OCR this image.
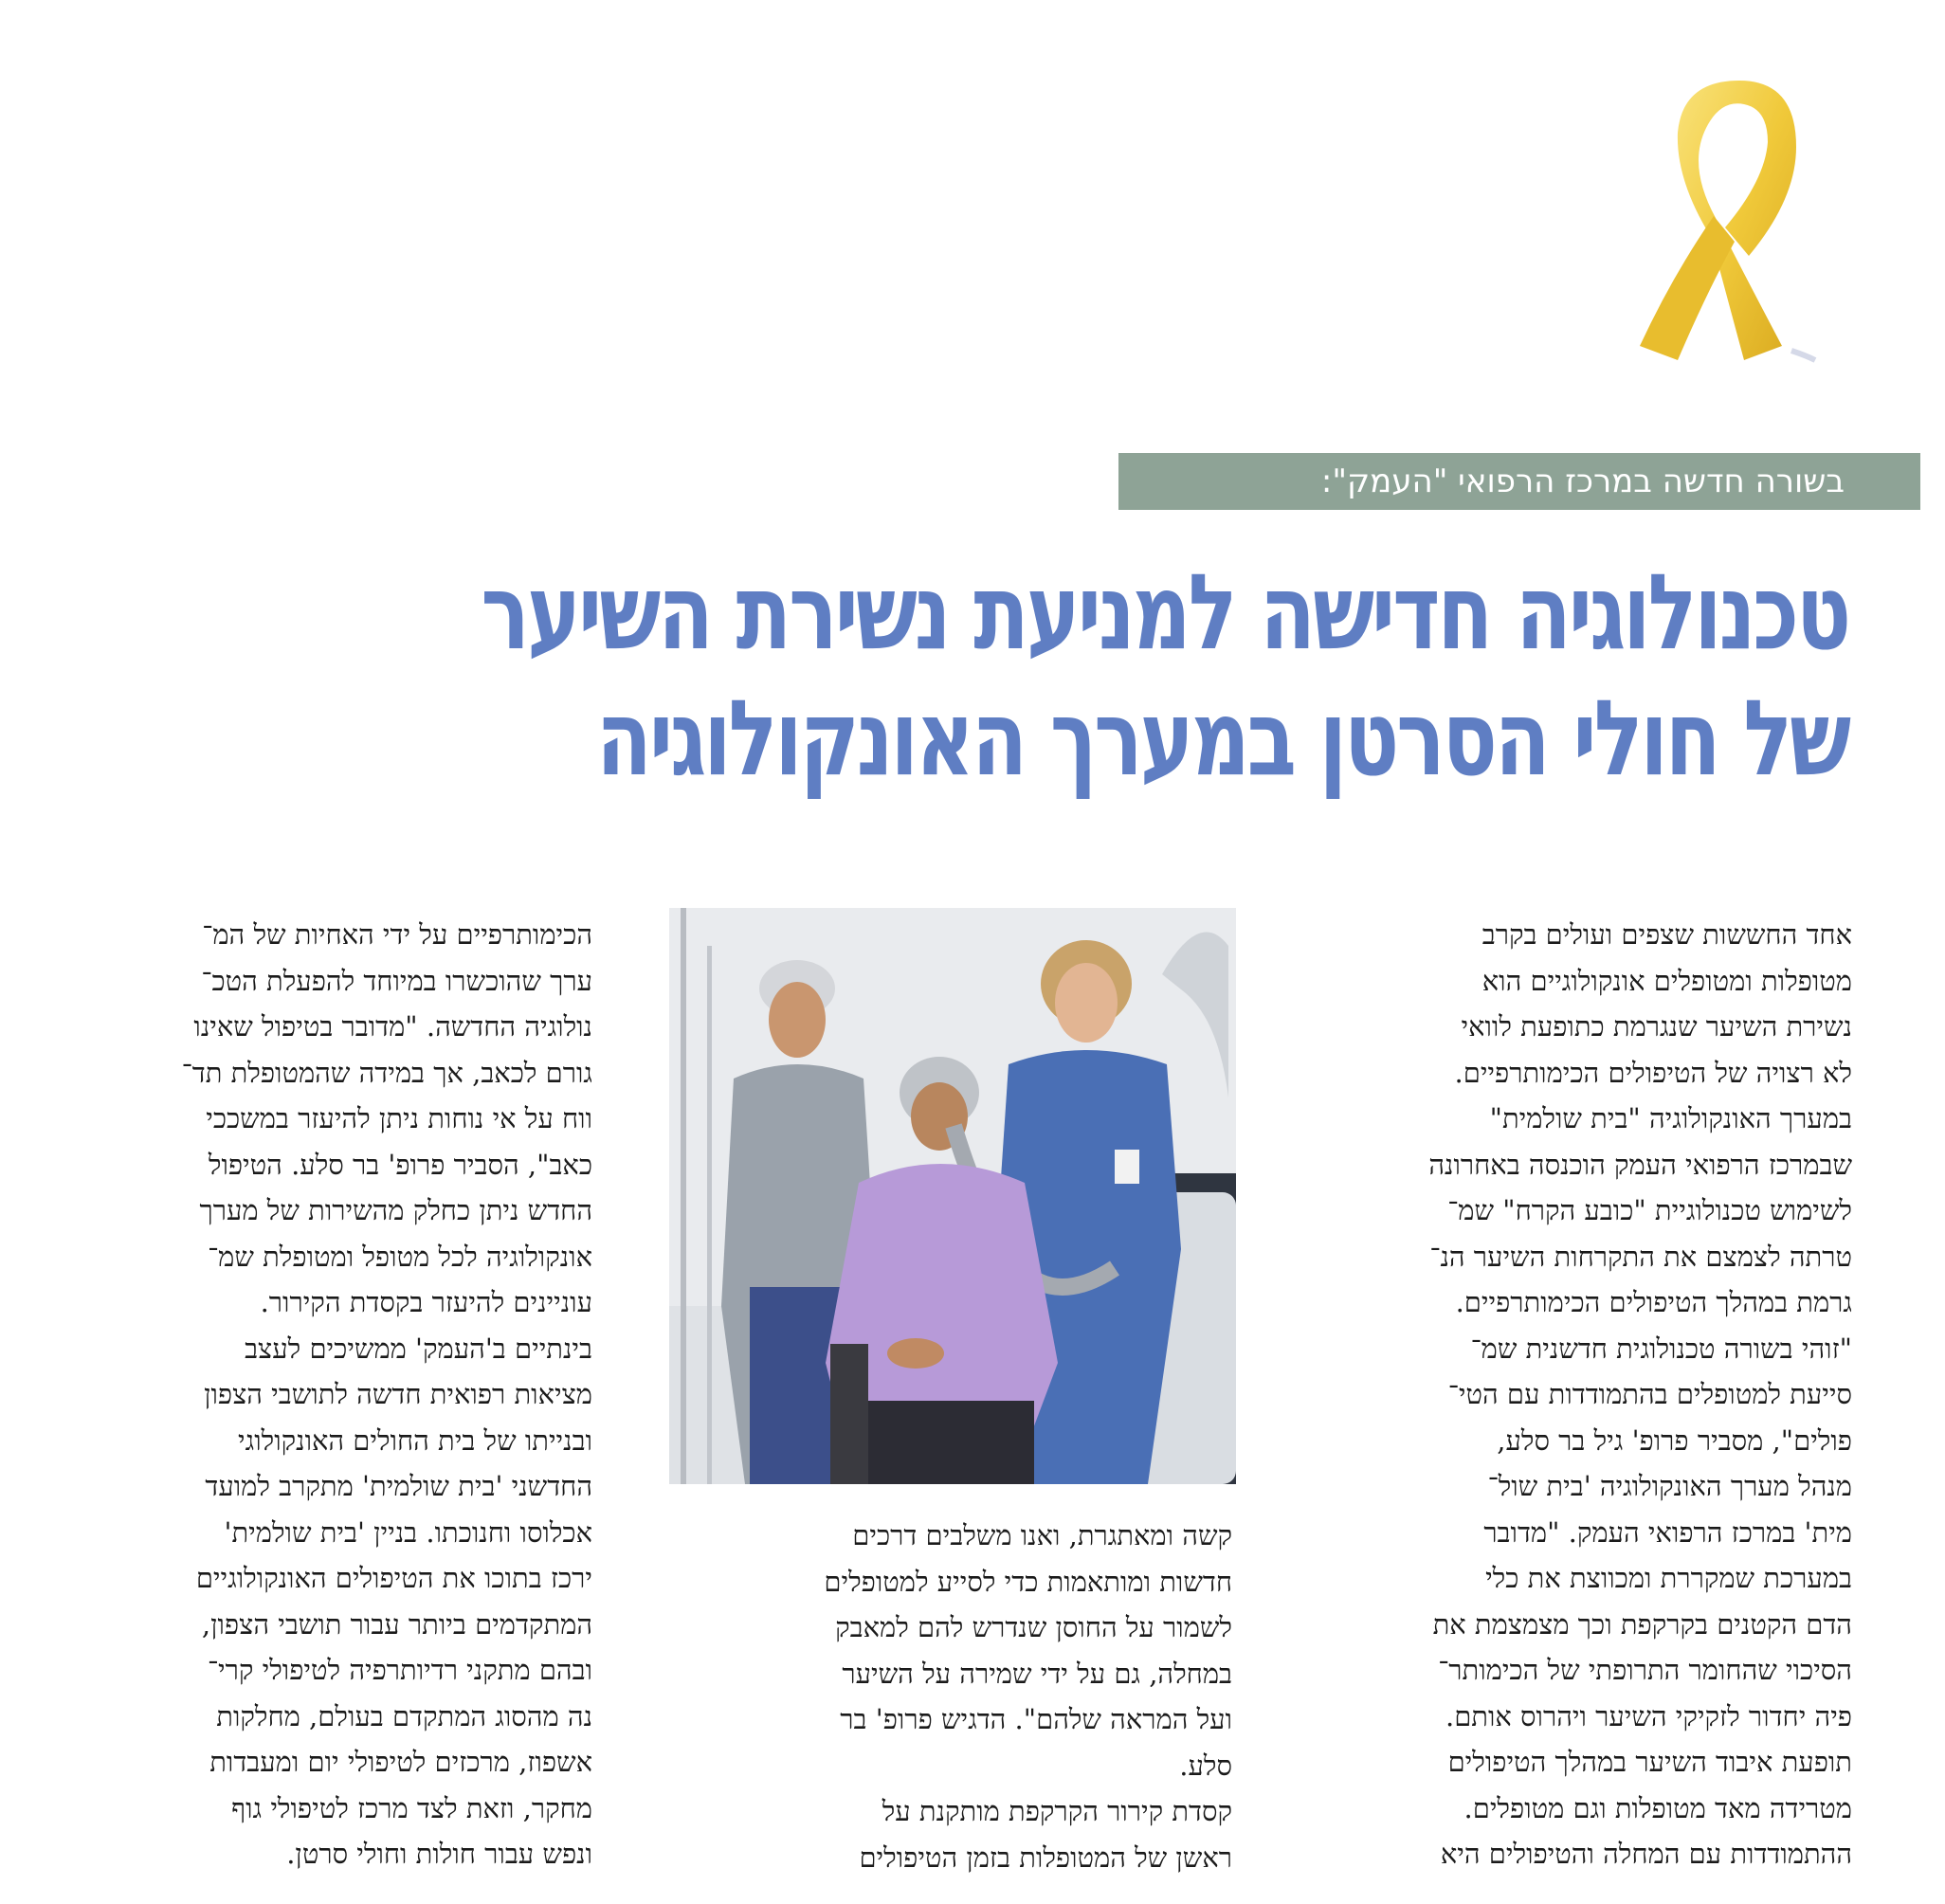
בשורה חדשה במרכז הרפואי "העמק":
טכנולוגיה חדישה למניעת נשירת השיער
של חולי הסרטן במערך האונקולוגיה

אחד החששות שצפים ועולים בקרב

מטופלות ומטופלים אונקולוגיים הוא

נשירת השיער שנגרמת כתופעת לוואי

לא רצויה של הטיפולים הכימותרפיים.

במערך האונקולוגיה "בית שולמית"

שבמרכז הרפואי העמק הוכנסה באחרונה

לשימוש טכנולוגיית "כובע הקרח" שמ־

טרתה לצמצם את התקרחות השיער הנ־

גרמת במהלך הטיפולים הכימותרפיים.

"זוהי בשורה טכנולוגית חדשנית שמ־

סייעת למטופלים בהתמודדות עם הטי־

פולים", מסביר פרופ' גיל בר סלע,

מנהל מערך האונקולוגיה 'בית שול־

מית' במרכז הרפואי העמק. "מדובר

במערכת שמקררת ומכווצת את כלי

הדם הקטנים בקרקפת וכך מצמצמת את

הסיכוי שהחומר התרופתי של הכימותר־

פיה יחדור לזקיקי השיער ויהרוס אותם.

תופעת איבוד השיער במהלך הטיפולים

מטרידה מאד מטופלות וגם מטופלים.

ההתמודדות עם המחלה והטיפולים היא

קשה ומאתגרת, ואנו משלבים דרכים

חדשות ומותאמות כדי לסייע למטופלים

לשמור על החוסן שנדרש להם למאבק

במחלה, גם על ידי שמירה על השיער

ועל המראה שלהם". הדגיש פרופ' בר

סלע.

קסדת קירור הקרקפת מותקנת על

ראשן של המטופלות בזמן הטיפולים

הכימותרפיים על ידי האחיות של המ־

ערך שהוכשרו במיוחד להפעלת הטכ־

נולוגיה החדשה. "מדובר בטיפול שאינו

גורם לכאב, אך במידה שהמטופלת תד־

ווח על אי נוחות ניתן להיעזר במשככי

כאב", הסביר פרופ' בר סלע. הטיפול

החדש ניתן כחלק מהשירות של מערך

אונקולוגיה לכל מטופל ומטופלת שמ־

עוניינים להיעזר בקסדת הקירור.

בינתיים ב'העמק' ממשיכים לעצב

מציאות רפואית חדשה לתושבי הצפון

ובנייתו של בית החולים האונקולוגי

החדשני 'בית שולמית' מתקרב למועד

אכלוסו וחנוכתו. בניין 'בית שולמית'

ירכז בתוכו את הטיפולים האונקולוגיים

המתקדמים ביותר עבור תושבי הצפון,

ובהם מתקני רדיותרפיה לטיפולי קרי־

נה מהסוג המתקדם בעולם, מחלקות

אשפוז, מרכזים לטיפולי יום ומעבדות

מחקר, וזאת לצד מרכז לטיפולי גוף

ונפש עבור חולות וחולי סרטן.
